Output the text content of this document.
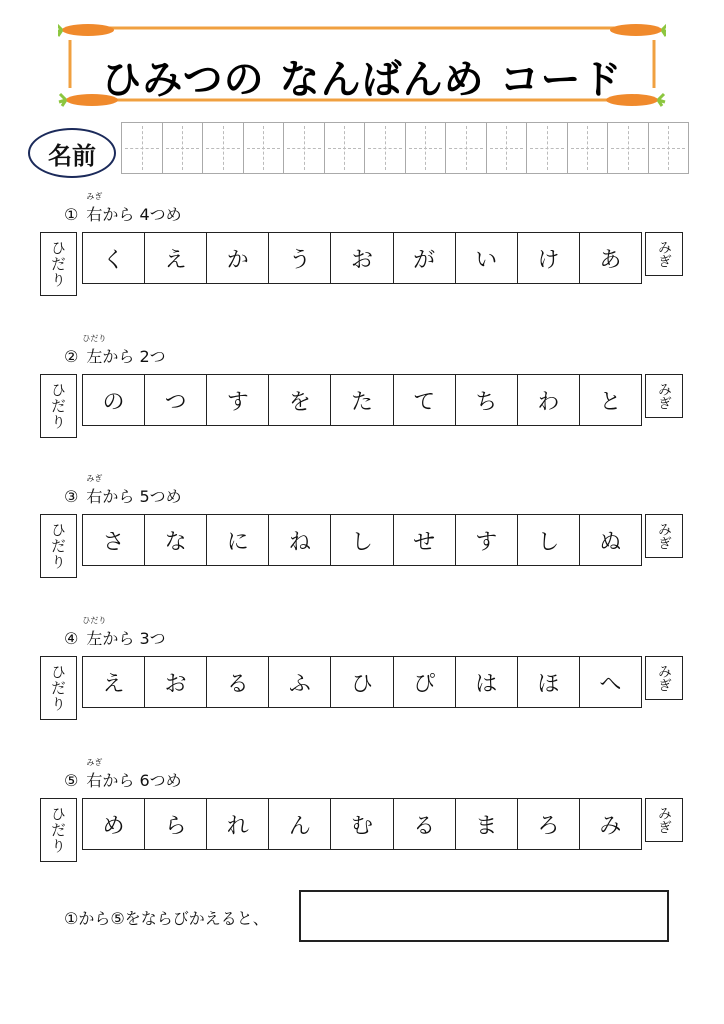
ひみつの なんばんめ コード
名前
①
みぎ
右から 4つめ
ひだり	く	え	か	う	お	が	い	け	あ	みぎ
②
ひだり
左から 2つ
ひだり	の	つ	す	を	た	て	ち	わ	と	みぎ
③
みぎ
右から 5つめ
ひだり	さ	な	に	ね	し	せ	す	し	ぬ	みぎ
④
ひだり
左から 3つ
ひだり	え	お	る	ふ	ひ	ぴ	は	ほ	へ	みぎ
⑤
みぎ
右から 6つめ
ひだり	め	ら	れ	ん	む	る	ま	ろ	み	みぎ
①から⑤をならびかえると、
